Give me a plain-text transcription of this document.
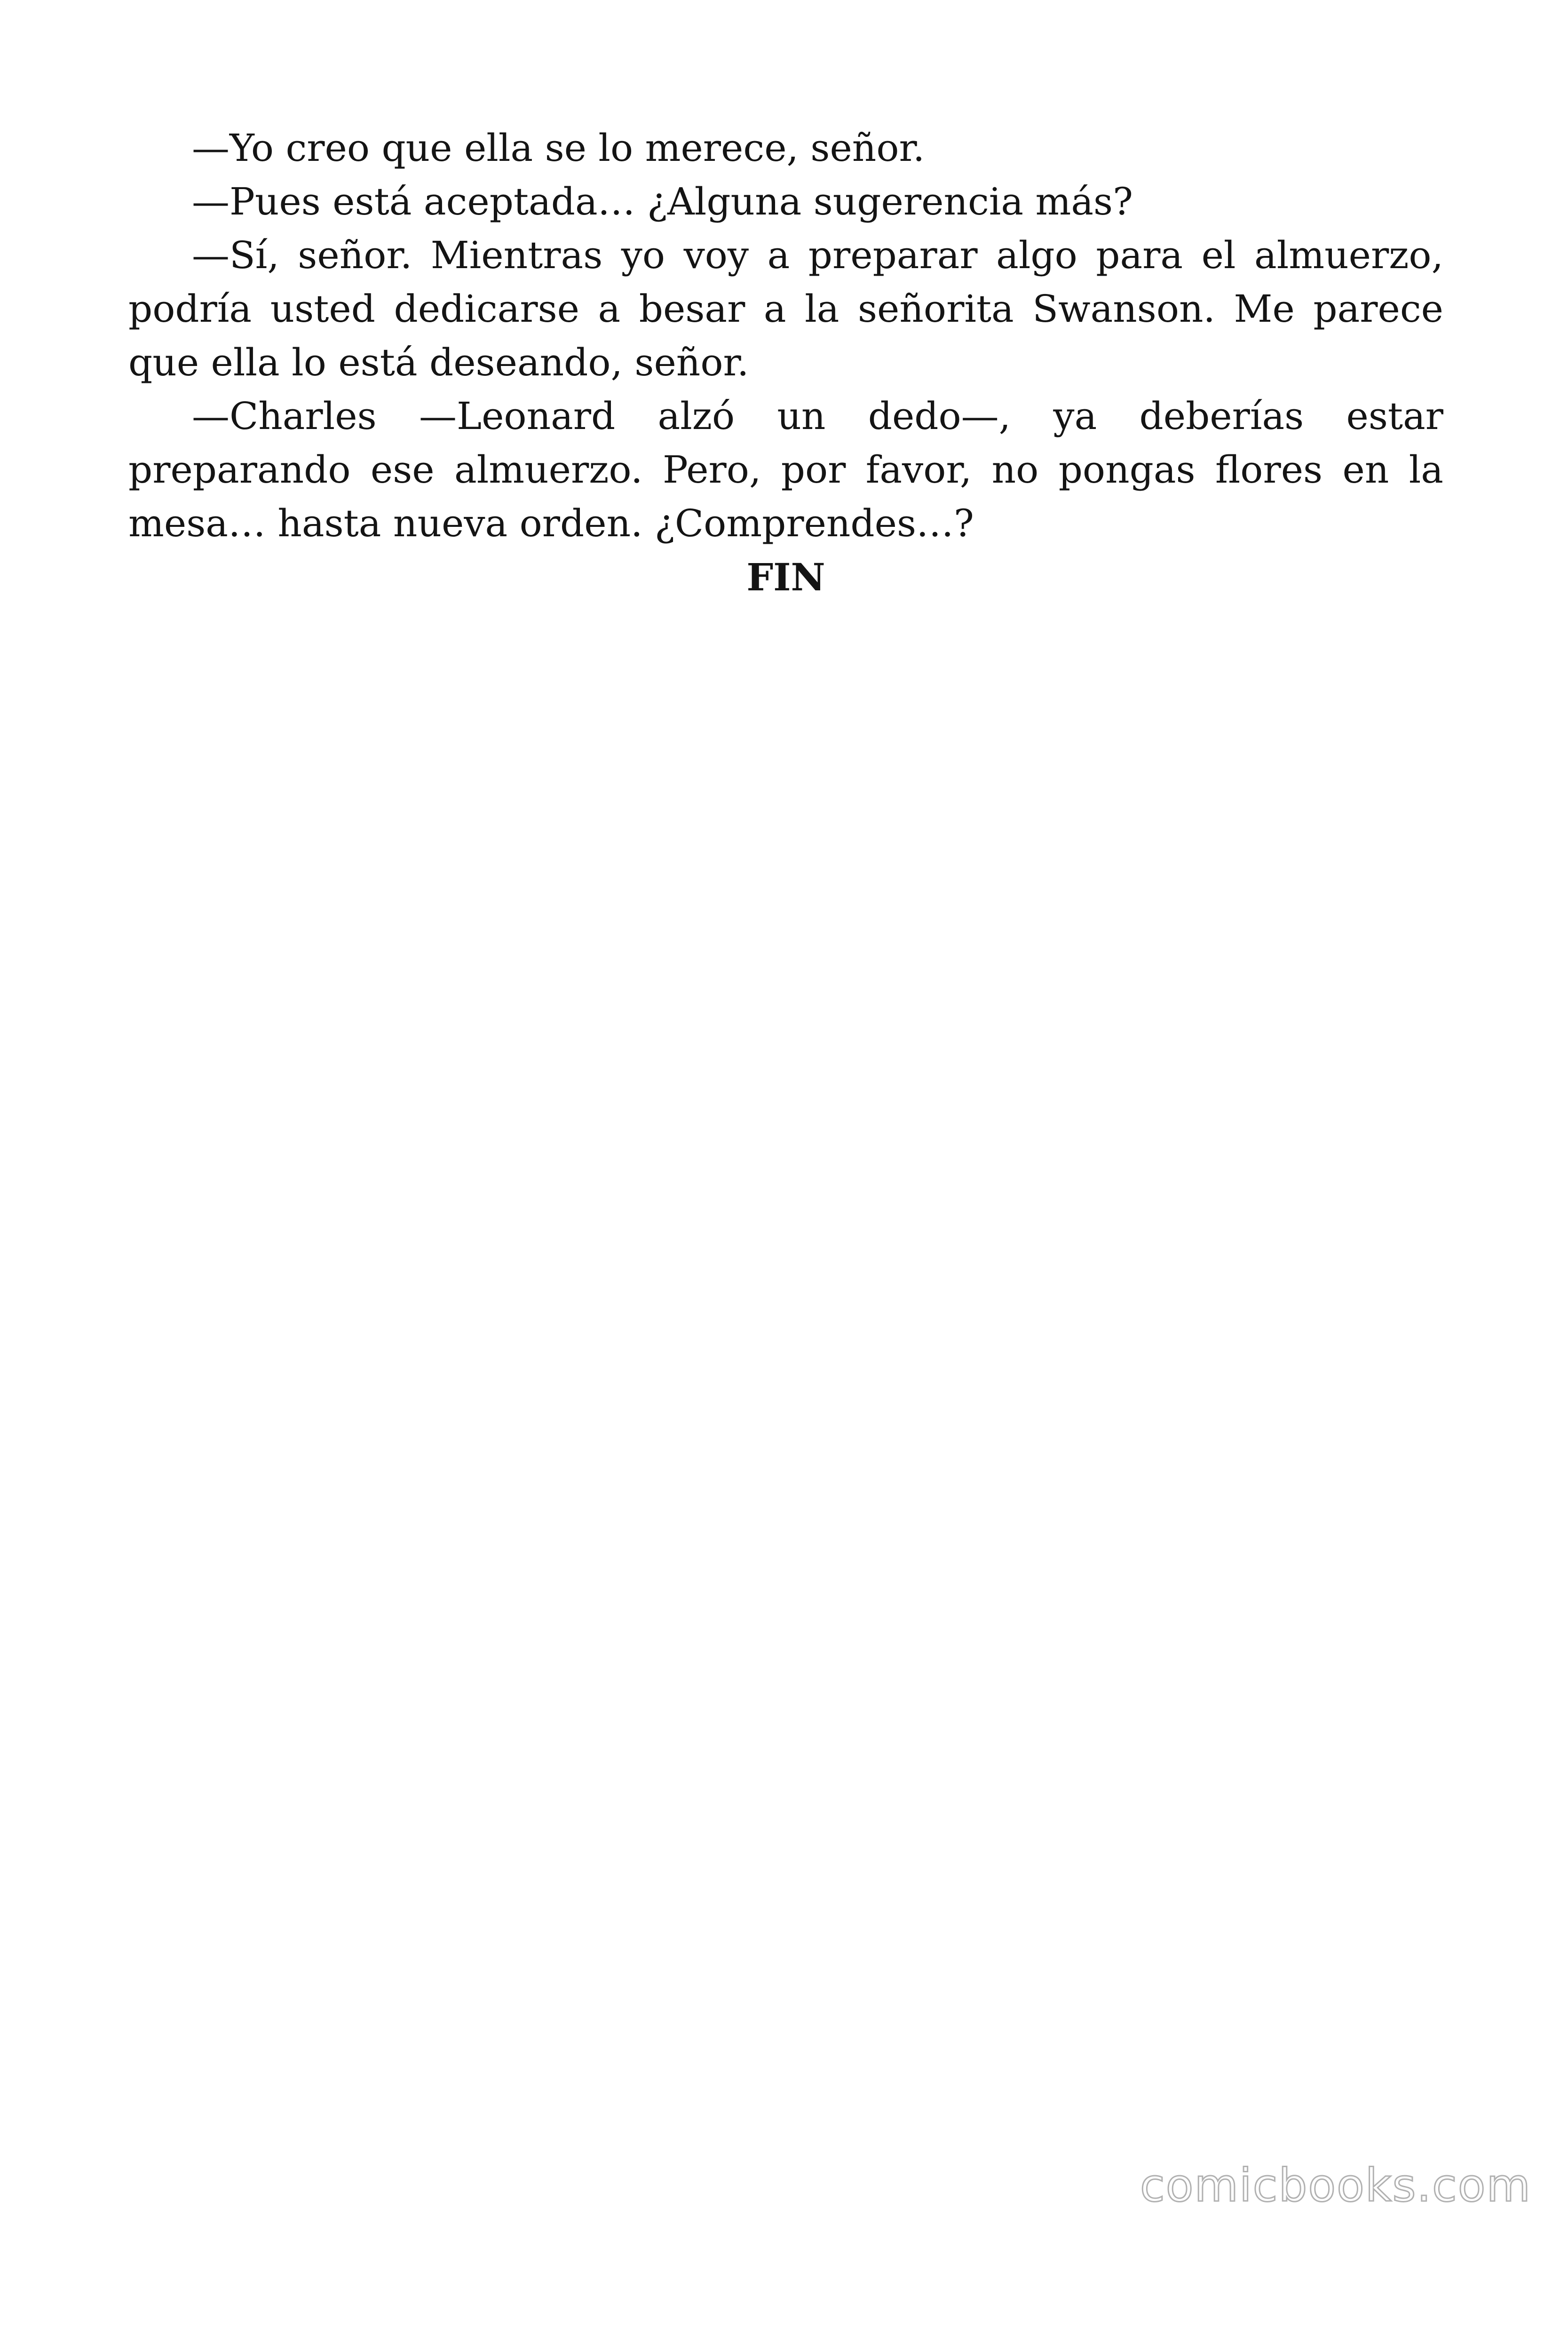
—Yo creo que ella se lo merece, señor.

—Pues está aceptada… ¿Alguna sugerencia más?

—Sí, señor. Mientras yo voy a preparar algo para el almuerzo, podría usted dedicarse a besar a la señorita Swanson. Me parece que ella lo está deseando, señor.

—Charles —Leonard alzó un dedo—, ya deberías estar preparando ese almuerzo. Pero, por favor, no pongas flores en la mesa… hasta nueva orden. ¿Comprendes…?

FIN

comicbooks.com
